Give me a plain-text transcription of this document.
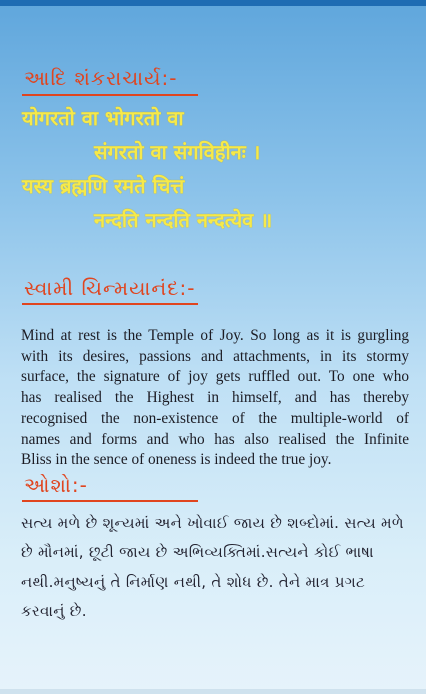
આદિ શંકરાચાર્ય:-
योगरतो वा भोगरतो वा
संगरतो वा संगविहीनः ।
यस्य ब्रह्मणि रमते चित्तं
नन्दति नन्दति नन्दत्येव ॥
સ્વામી ચિન્મયાનંદ:-
Mind at rest is the Temple of Joy. So long as it is gurgling
with its desires, passions and attachments, in its stormy
surface, the signature of joy gets ruffled out. To one who
has realised the Highest in himself, and has thereby
recognised the non-existence of the multiple-world of
names and forms and who has also realised the Infinite
Bliss in the sence of oneness is indeed the true joy.
ઓશો:-
સત્ય મળે છે શૂન્યમાં અને ખોવાઈ જાય છે શબ્દોમાં. સત્ય મળે
છે મૌનમાં, છૂટી જાય છે અભિવ્યક્તિમાં.સત્યને કોઈ ભાષા
નથી.મનુષ્યનું તે નિર્માણ નથી, તે શોધ છે. તેને માત્ર પ્રગટ
કરવાનું છે.
